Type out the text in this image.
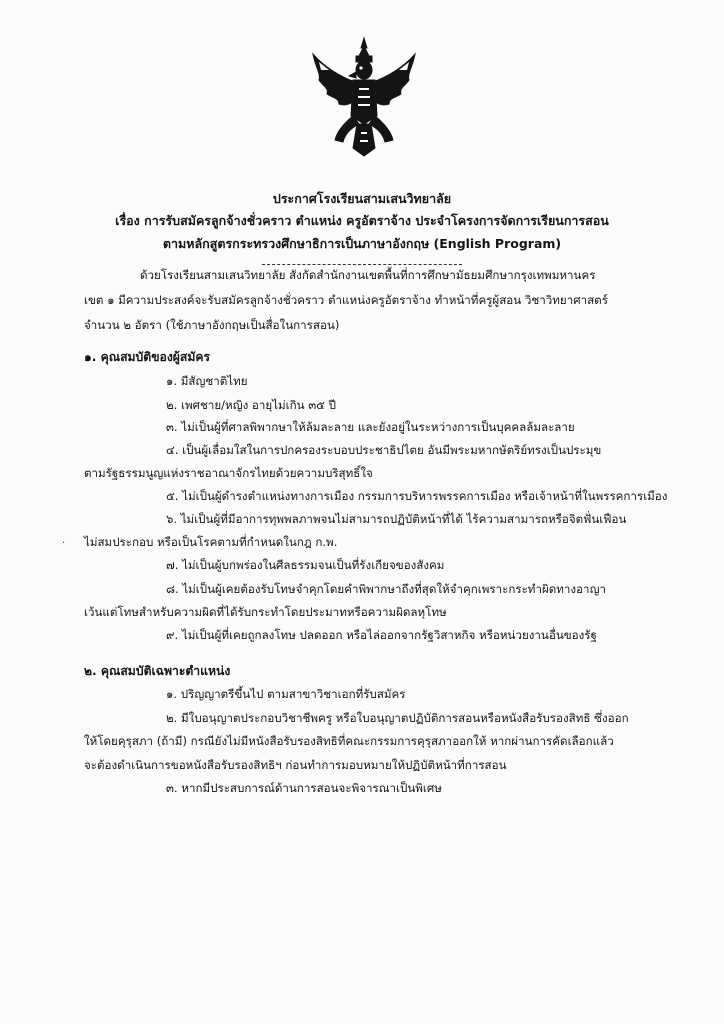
ประกาศโรงเรียนสามเสนวิทยาลัย
เรื่อง การรับสมัครลูกจ้างชั่วคราว ตำแหน่ง ครูอัตราจ้าง ประจำโครงการจัดการเรียนการสอน
ตามหลักสูตรกระทรวงศึกษาธิการเป็นภาษาอังกฤษ (English Program)
ด้วยโรงเรียนสามเสนวิทยาลัย สังกัดสำนักงานเขตพื้นที่การศึกษามัธยมศึกษากรุงเทพมหานคร
เขต ๑ มีความประสงค์จะรับสมัครลูกจ้างชั่วคราว ตำแหน่งครูอัตราจ้าง ทำหน้าที่ครูผู้สอน วิชาวิทยาศาสตร์
จำนวน ๒ อัตรา (ใช้ภาษาอังกฤษเป็นสื่อในการสอน)
๑. คุณสมบัติของผู้สมัคร
๑. มีสัญชาติไทย
๒. เพศชาย/หญิง อายุไม่เกิน ๓๕ ปี
๓. ไม่เป็นผู้ที่ศาลพิพากษาให้ล้มละลาย และยังอยู่ในระหว่างการเป็นบุคคลล้มละลาย
๔. เป็นผู้เลื่อมใสในการปกครองระบอบประชาธิปไตย อันมีพระมหากษัตริย์ทรงเป็นประมุข
ตามรัฐธรรมนูญแห่งราชอาณาจักรไทยด้วยความบริสุทธิ์ใจ
๕. ไม่เป็นผู้ดำรงตำแหน่งทางการเมือง กรรมการบริหารพรรคการเมือง หรือเจ้าหน้าที่ในพรรคการเมือง
๖. ไม่เป็นผู้ที่มีอาการทุพพลภาพจนไม่สามารถปฏิบัติหน้าที่ได้ ไร้ความสามารถหรือจิตฟั่นเฟือน
ไม่สมประกอบ หรือเป็นโรคตามที่กำหนดในกฎ ก.พ.
๗. ไม่เป็นผู้บกพร่องในศีลธรรมจนเป็นที่รังเกียจของสังคม
๘. ไม่เป็นผู้เคยต้องรับโทษจำคุกโดยคำพิพากษาถึงที่สุดให้จำคุกเพราะกระทำผิดทางอาญา
เว้นแต่โทษสำหรับความผิดที่ได้รับกระทำโดยประมาทหรือความผิดลหุโทษ
๙. ไม่เป็นผู้ที่เคยถูกลงโทษ ปลดออก หรือไล่ออกจากรัฐวิสาหกิจ หรือหน่วยงานอื่นของรัฐ
๒. คุณสมบัติเฉพาะตำแหน่ง
๑. ปริญญาตรีขึ้นไป ตามสาขาวิชาเอกที่รับสมัคร
๒. มีใบอนุญาตประกอบวิชาชีพครู หรือใบอนุญาตปฏิบัติการสอนหรือหนังสือรับรองสิทธิ ซึ่งออก
ให้โดยคุรุสภา (ถ้ามี) กรณียังไม่มีหนังสือรับรองสิทธิที่คณะกรรมการคุรุสภาออกให้ หากผ่านการคัดเลือกแล้ว
จะต้องดำเนินการขอหนังสือรับรองสิทธิฯ ก่อนทำการมอบหมายให้ปฏิบัติหน้าที่การสอน
๓. หากมีประสบการณ์ด้านการสอนจะพิจารณาเป็นพิเศษ
·
